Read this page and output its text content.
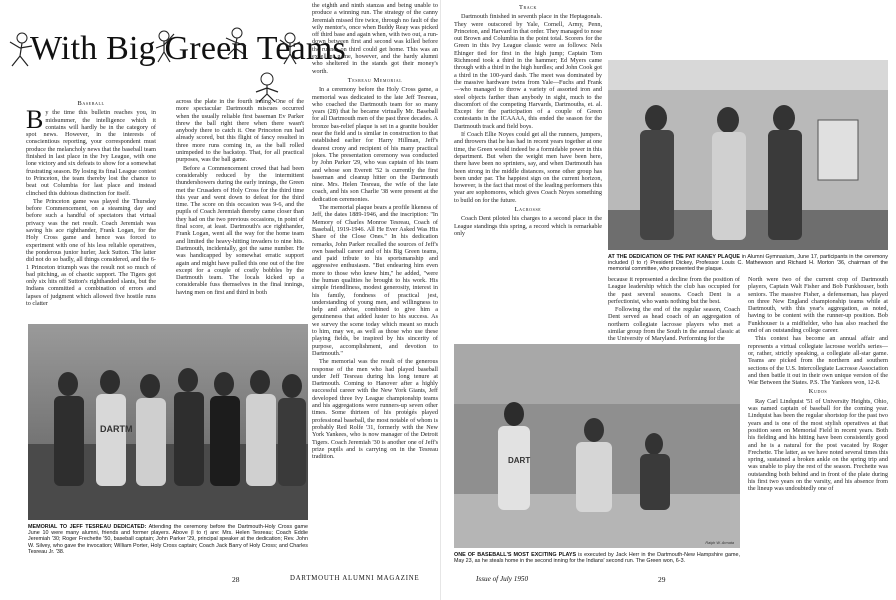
With Big Green Teams
Baseball

By the time this bulletin reaches you, in midsummer, the intelligence which it contains will hardly be in the category of spot news. However, in the interests of conscientious reporting, your correspondent must produce the melancholy news that the baseball team finished in last place in the Ivy League, with one lone victory and six defeats to show for a somewhat frustrating season. By losing its final League contest to Princeton, the team thereby lost the chance to beat out Columbia for last place and instead clinched this dubious distinction for itself.

The Princeton game was played the Thursday before Commencement, on a steaming day and before such a handful of spectators that virtual privacy was the net result. Coach Jeremiah was saving his ace righthander, Frank Logan, for the Holy Cross game and hence was forced to experiment with one of his less reliable operatives, the ponderous junior hurler, Jack Sutton. The latter did not do so badly, all things considered, and the 6-1 Princeton triumph was the result not so much of bad pitching, as of chaotic support. The Tigers got only six hits off Sutton's righthanded slants, but the Indians committed a combination of errors and lapses of judgment which allowed five hostile runs to clatter

across the plate in the fourth inning. One of the more spectacular Dartmouth miscues occurred when the usually reliable first baseman Ev Parker threw the ball right there when there wasn't anybody there to catch it. One Princeton run had already scored, but this flight of fancy resulted in three more runs coming in, as the ball rolled unimpeded to the backstop. That, for all practical purposes, was the ball game.

Before a Commencement crowd that had been considerably reduced by the intermittent thundershowers during the early innings, the Green met the Crusaders of Holy Cross for the third time this year and went down to defeat for the third time. The score on this occasion was 9-6, and the pupils of Coach Jeremiah thereby came closer than they had on the two previous occasions, in point of final score, at least. Dartmouth's ace righthander, Frank Logan, went all the way for the home team and limited the heavy-hitting invaders to nine hits. Dartmouth, incidentally, got the same number. He was handicapped by somewhat erratic support again and might have pulled this one out of the fire except for a couple of costly bobbles by the Dartmouth team. The locals kicked up a considerable fuss themselves in the final innings, having men on first and third in both

the eighth and ninth stanzas and being unable to produce a winning run. The strategy of the canny Jeremiah missed fire twice, through no fault of the wily mentor's, once when Buddy Reay was picked off third base and again when, with two out, a run-down between first and second was killed before the runner on third could get home. This was an excellent game, however, and the hardy alumni who sheltered in the stands got their money's worth.

Tesreau Memorial

In a ceremony before the Holy Cross game, a memorial was dedicated to the late Jeff Tesreau, who coached the Dartmouth team for so many years (28) that he became virtually Mr. Baseball for all Dartmouth men of the past three decades. A bronze bas-relief plaque is set in a granite boulder near the field and is similar in construction to that established earlier for Harry Hillman, Jeff's dearest crony and recipient of his many practical jokes. The presentation ceremony was conducted by John Parker '29, who was captain of his team and whose son Everett '52 is currently the first baseman and cleanup hitter on the Dartmouth nine. Mrs. Helen Tesreau, the wife of the late coach, and his son Charlie '38 were present at the dedication ceremonies.

The memorial plaque bears a profile likeness of Jeff, the dates 1889-1946, and the inscription: "In Memory of Charles Monroe Tesreau, Coach of Baseball, 1919-1946. All He Ever Asked Was His Share of the Close Ones." In his dedication remarks, John Parker recalled the sources of Jeff's own baseball career and of his Big Green teams, and paid tribute to his sportsmanship and aggressive enthusiasm. "But endearing him even more to those who knew him," he added, "were the human qualities he brought to his work. His simple friendliness, modest generosity, interest in his family, fondness of practical jest, understanding of young men, and willingness to help and advise, combined to give him a genuineness that added luster to his success. As we survey the scene today which meant so much to him, may we, as well as those who use these playing fields, be inspired by his sincerity of purpose, accomplishment, and devotion to Dartmouth."

The memorial was the result of the generous response of the men who had played baseball under Jeff Tesreau during his long tenure at Dartmouth. Coming to Hanover after a highly successful career with the New York Giants, Jeff developed three Ivy League championship teams and his aggregations were runners-up seven other times. Some thirteen of his protégés played professional baseball, the most notable of whom is probably Red Rolfe '31, formerly with the New York Yankees, who is now manager of the Detroit Tigers. Coach Jeremiah '30 is another one of Jeff's prize pupils and is carrying on in the Tesreau tradition.

DARTM
MEMORIAL TO JEFF TESREAU DEDICATED: Attending the ceremony before the Dartmouth-Holy Cross game June 10 were many alumni, friends and former players. Above (l to r) are: Mrs. Helen Tesreau; Coach Eddie Jeremiah '30; Roger Frechette '50, baseball captain; John Parker '29, principal speaker at the dedication; Rev. John W. Silvey, who gave the invocation; William Porter, Holy Cross captain; Coach Jack Barry of Holy Cross; and Charles Tesreau Jr. '38.
28	DARTMOUTH ALUMNI MAGAZINE
Track

Dartmouth finished in seventh place in the Heptagonals. They were outscored by Yale, Cornell, Army, Penn, Princeton, and Harvard in that order. They managed to nose out Brown and Columbia in the point total. Scorers for the Green in this Ivy League classic were as follows: Nels Ehinger tied for first in the high jump; Captain Tom Richmond took a third in the hammer; Ed Myers came through with a third in the high hurdles; and John Cook got a third in the 100-yard dash. The meet was dominated by the massive hardware twins from Yale—Fuchs and Frank—who managed to throw a variety of assorted iron and steel objects farther than anybody in sight, much to the discomfort of the competing Harvards, Dartmouths, et. al. Except for the participation of a couple of Green contestants in the ICAAAA, this ended the season for the Dartmouth track and field boys.

If Coach Ellie Noyes could get all the runners, jumpers, and throwers that he has had in recent years together at one time, the Green would indeed be a formidable power in this department. But when the weight men have been here, there have been no sprinters, say, and when Dartmouth has been strong in the middle distances, some other group has been under par. The happiest sign on the current horizon, however, is the fact that most of the leading performers this year are sophomores, which gives Coach Noyes something to build on for the future.

Lacrosse

Coach Dent piloted his charges to a second place in the League standings this spring, a record which is remarkable only

AT THE DEDICATION OF THE PAT KANEY PLAQUE in Alumni Gymnasium, June 17, participants in the ceremony included (l to r) President Dickey, Professor Louis C. Mathewson and Richard H. Morton '36, chairman of the memorial committee, who presented the plaque.

because it represented a decline from the position of League leadership which the club has occupied for the past several seasons. Coach Dent is a perfectionist, who wants nothing but the best.

Following the end of the regular season, Coach Dent served as head coach of an aggregation of northern collegiate lacrosse players who met a similar group from the South in the annual classic at the University of Maryland. Performing for the

North were two of the current crop of Dartmouth players, Captain Walt Fisher and Bob Funkhouser, both seniors. The massive Fisher, a defenseman, has played on three New England championship teams while at Dartmouth, with this year's aggregation, as noted, having to be content with the runner-up position. Bob Funkhouser is a midfielder, who has also reached the end of an outstanding college career.

This contest has become an annual affair and represents a virtual collegiate lacrosse world's series—or, rather, strictly speaking, a collegiate all-star game. Teams are picked from the northern and southern sections of the U.S. Intercollegiate Lacrosse Association and then battle it out in their own unique version of the War Between the States. P.S. The Yankees won, 12-8.

Kudos

Ray Carl Lindquist '51 of University Heights, Ohio, was named captain of baseball for the coming year. Lindquist has been the regular shortstop for the past two years and is one of the most stylish operatives at that position seen on Memorial Field in recent years. Both his fielding and his hitting have been consistently good and he is a natural for the post vacated by Roger Frechette. The latter, as we have noted several times this spring, sustained a broken ankle on the spring trip and was unable to play the rest of the season. Frechette was outstanding both behind and in front of the plate during his first two years on the varsity, and his absence from the lineup was undoubtedly one of

DART
Ralph W. Armata
ONE OF BASEBALL'S MOST EXCITING PLAYS is executed by Jack Herr in the Dartmouth-New Hampshire game, May 23, as he steals home in the second inning for the Indians' second run. The Green won, 6-3.
Issue of July 1950	29
